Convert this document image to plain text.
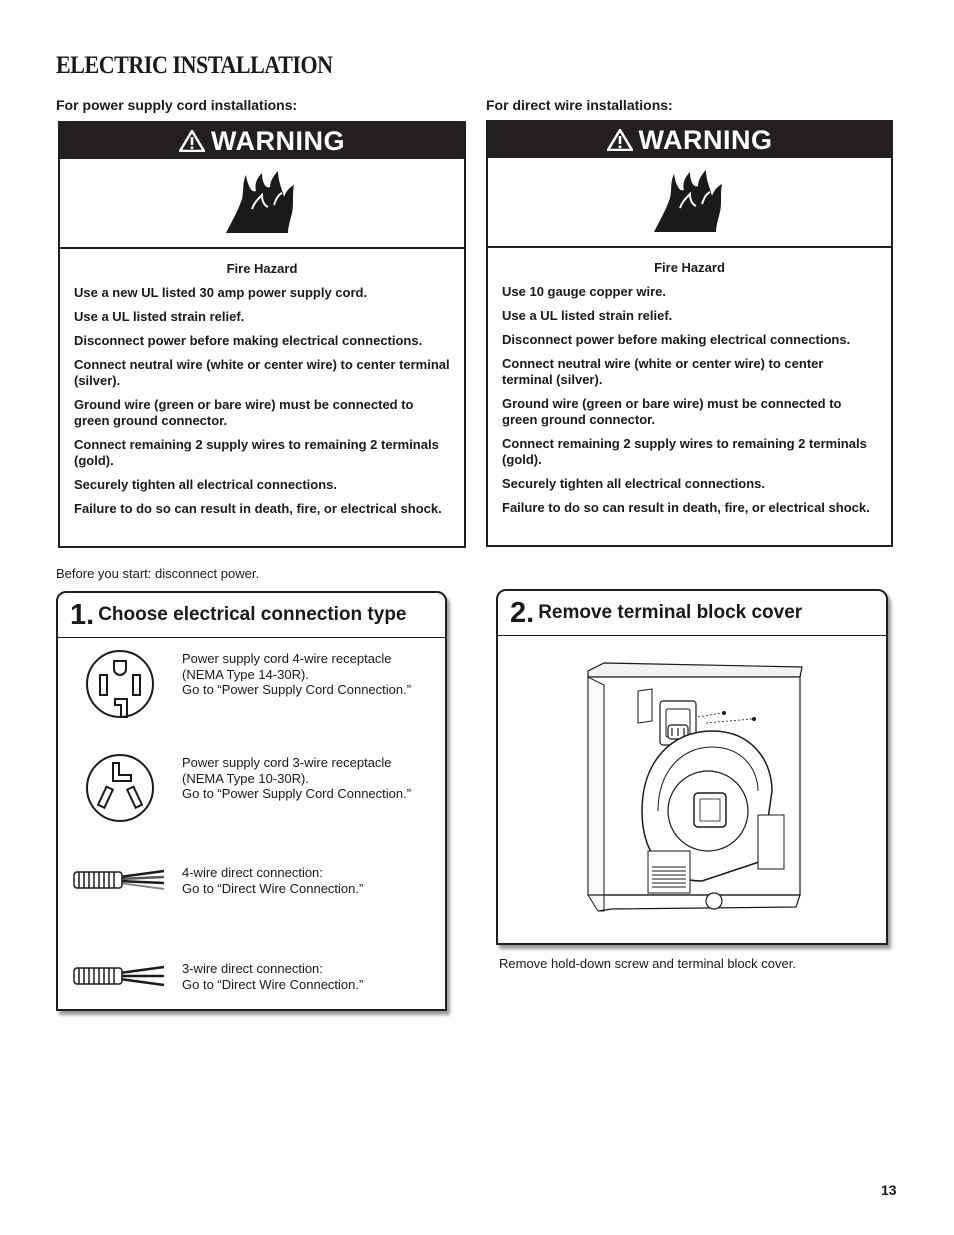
ELECTRIC INSTALLATION
For power supply cord installations:
WARNING
Fire Hazard

Use a new UL listed 30 amp power supply cord.

Use a UL listed strain relief.

Disconnect power before making electrical connections.

Connect neutral wire (white or center wire) to center terminal (silver).

Ground wire (green or bare wire) must be connected to green ground connector.

Connect remaining 2 supply wires to remaining 2 terminals (gold).

Securely tighten all electrical connections.

Failure to do so can result in death, fire, or electrical shock.

For direct wire installations:
WARNING
Fire Hazard

Use 10 gauge copper wire.

Use a UL listed strain relief.

Disconnect power before making electrical connections.

Connect neutral wire (white or center wire) to center terminal (silver).

Ground wire (green or bare wire) must be connected to green ground connector.

Connect remaining 2 supply wires to remaining 2 terminals (gold).

Securely tighten all electrical connections.

Failure to do so can result in death, fire, or electrical shock.

Before you start: disconnect power.
1. Choose electrical connection type
Power supply cord 4-wire receptacle
(NEMA Type 14-30R).
Go to “Power Supply Cord Connection.”
Power supply cord 3-wire receptacle
(NEMA Type 10-30R).
Go to “Power Supply Cord Connection.”
4-wire direct connection:
Go to “Direct Wire Connection.”
3-wire direct connection:
Go to “Direct Wire Connection.”
2. Remove terminal block cover
Remove hold-down screw and terminal block cover.
13
